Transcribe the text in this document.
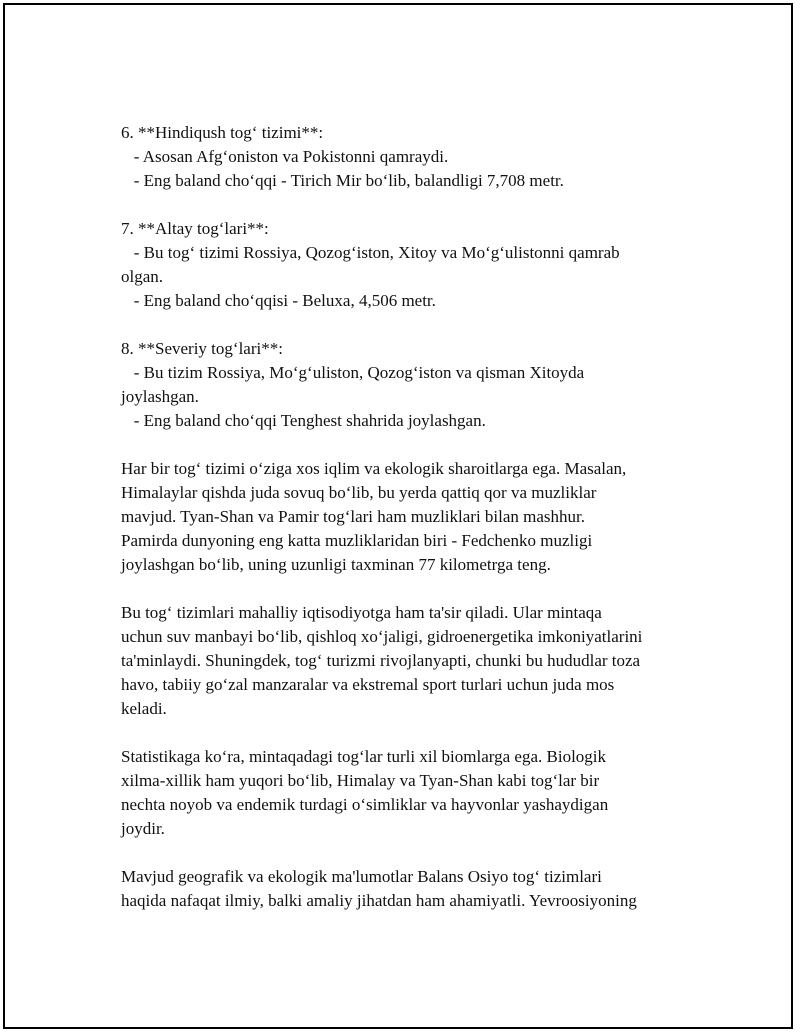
6. **Hindiqush tog‘ tizimi**:
- Asosan Afg‘oniston va Pokistonni qamraydi.
- Eng baland cho‘qqi - Tirich Mir bo‘lib, balandligi 7,708 metr.
7. **Altay tog‘lari**:
- Bu tog‘ tizimi Rossiya, Qozog‘iston, Xitoy va Mo‘g‘ulistonni qamrab
olgan.
- Eng baland cho‘qqisi - Beluxa, 4,506 metr.
8. **Severiy tog‘lari**:
- Bu tizim Rossiya, Mo‘g‘uliston, Qozog‘iston va qisman Xitoyda
joylashgan.
- Eng baland cho‘qqi Tenghest shahrida joylashgan.
Har bir tog‘ tizimi o‘ziga xos iqlim va ekologik sharoitlarga ega. Masalan,
Himalaylar qishda juda sovuq bo‘lib, bu yerda qattiq qor va muzliklar
mavjud. Tyan-Shan va Pamir tog‘lari ham muzliklari bilan mashhur.
Pamirda dunyoning eng katta muzliklaridan biri - Fedchenko muzligi
joylashgan bo‘lib, uning uzunligi taxminan 77 kilometrga teng.
Bu tog‘ tizimlari mahalliy iqtisodiyotga ham ta'sir qiladi. Ular mintaqa
uchun suv manbayi bo‘lib, qishloq xo‘jaligi, gidroenergetika imkoniyatlarini
ta'minlaydi. Shuningdek, tog‘ turizmi rivojlanyapti, chunki bu hududlar toza
havo, tabiiy go‘zal manzaralar va ekstremal sport turlari uchun juda mos
keladi.
Statistikaga ko‘ra, mintaqadagi tog‘lar turli xil biomlarga ega. Biologik
xilma-xillik ham yuqori bo‘lib, Himalay va Tyan-Shan kabi tog‘lar bir
nechta noyob va endemik turdagi o‘simliklar va hayvonlar yashaydigan
joydir.
Mavjud geografik va ekologik ma'lumotlar Balans Osiyo tog‘ tizimlari
haqida nafaqat ilmiy, balki amaliy jihatdan ham ahamiyatli. Yevroosiyoning
